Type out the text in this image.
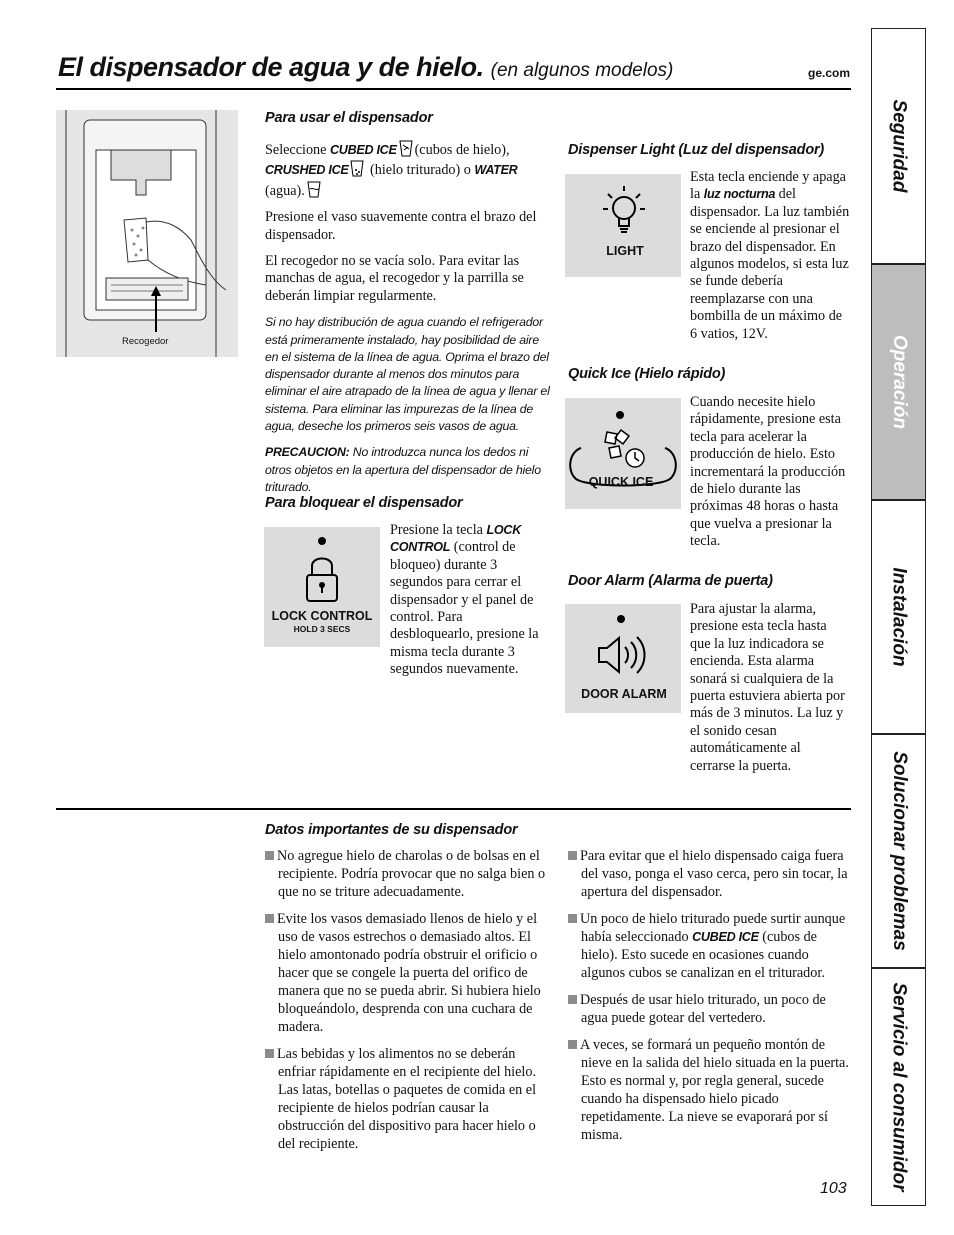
El dispensador de agua y de hielo. (en algunos modelos)	ge.com
Recogedor
Para usar el dispensador

Seleccione CUBED ICE (cubos de hielo),
CRUSHED ICE (hielo triturado) o WATER
(agua).

Presione el vaso suavemente contra el brazo del dispensador.

El recogedor no se vacía solo. Para evitar las manchas de agua, el recogedor y la parrilla se deberán limpiar regularmente.

Si no hay distribución de agua cuando el refrigerador está primeramente instalado, hay posibilidad de aire en el sistema de la línea de agua. Oprima el brazo del dispensador durante al menos dos minutos para eliminar el aire atrapado de la línea de agua y llenar el sistema. Para eliminar las impurezas de la línea de agua, deseche los primeros seis vasos de agua.
PRECAUCION: No introduzca nunca los dedos ni otros objetos en la apertura del dispensador de hielo triturado.
Para bloquear el dispensador
LOCK CONTROL
HOLD 3 SECS
Presione la tecla LOCK CONTROL (control de bloqueo) durante 3 segundos para cerrar el dispensador y el panel de control. Para desbloquearlo, presione la misma tecla durante 3 segundos nuevamente.
Dispenser Light (Luz del dispensador)
LIGHT
Esta tecla enciende y apaga la luz nocturna del dispensador. La luz también se enciende al presionar el brazo del dispensador. En algunos modelos, si esta luz se funde debería reemplazarse con una bombilla de un máximo de 6 vatios, 12V.
Quick Ice (Hielo rápido)
QUICK ICE
Cuando necesite hielo rápidamente, presione esta tecla para acelerar la producción de hielo. Esto incrementará la producción de hielo durante las próximas 48 horas o hasta que vuelva a presionar la tecla.
Door Alarm (Alarma de puerta)
DOOR ALARM
Para ajustar la alarma, presione esta tecla hasta que la luz indicadora se encienda. Esta alarma sonará si cualquiera de la puerta estuviera abierta por más de 3 minutos. La luz y el sonido cesan automáticamente al cerrarse la puerta.
Datos importantes de su dispensador
No agregue hielo de charolas o de bolsas en el recipiente. Podría provocar que no salga bien o que no se triture adecuadamente.
Evite los vasos demasiado llenos de hielo y el uso de vasos estrechos o demasiado altos. El hielo amontonado podría obstruir el orificio o hacer que se congele la puerta del orifico de manera que no se pueda abrir. Si hubiera hielo bloqueándolo, desprenda con una cuchara de madera.
Las bebidas y los alimentos no se deberán enfriar rápidamente en el recipiente del hielo. Las latas, botellas o paquetes de comida en el recipiente de hielos podrían causar la obstrucción del dispositivo para hacer hielo o del recipiente.
Para evitar que el hielo dispensado caiga fuera del vaso, ponga el vaso cerca, pero sin tocar, la apertura del dispensador.
Un poco de hielo triturado puede surtir aunque había seleccionado CUBED ICE (cubos de hielo). Esto sucede en ocasiones cuando algunos cubos se canalizan en el triturador.
Después de usar hielo triturado, un poco de agua puede gotear del vertedero.
A veces, se formará un pequeño montón de nieve en la salida del hielo situada en la puerta. Esto es normal y, por regla general, sucede cuando ha dispensado hielo picado repetidamente. La nieve se evaporará por sí misma.
103
Seguridad
Operación
Instalación
Solucionar problemas
Servicio al consumidor
